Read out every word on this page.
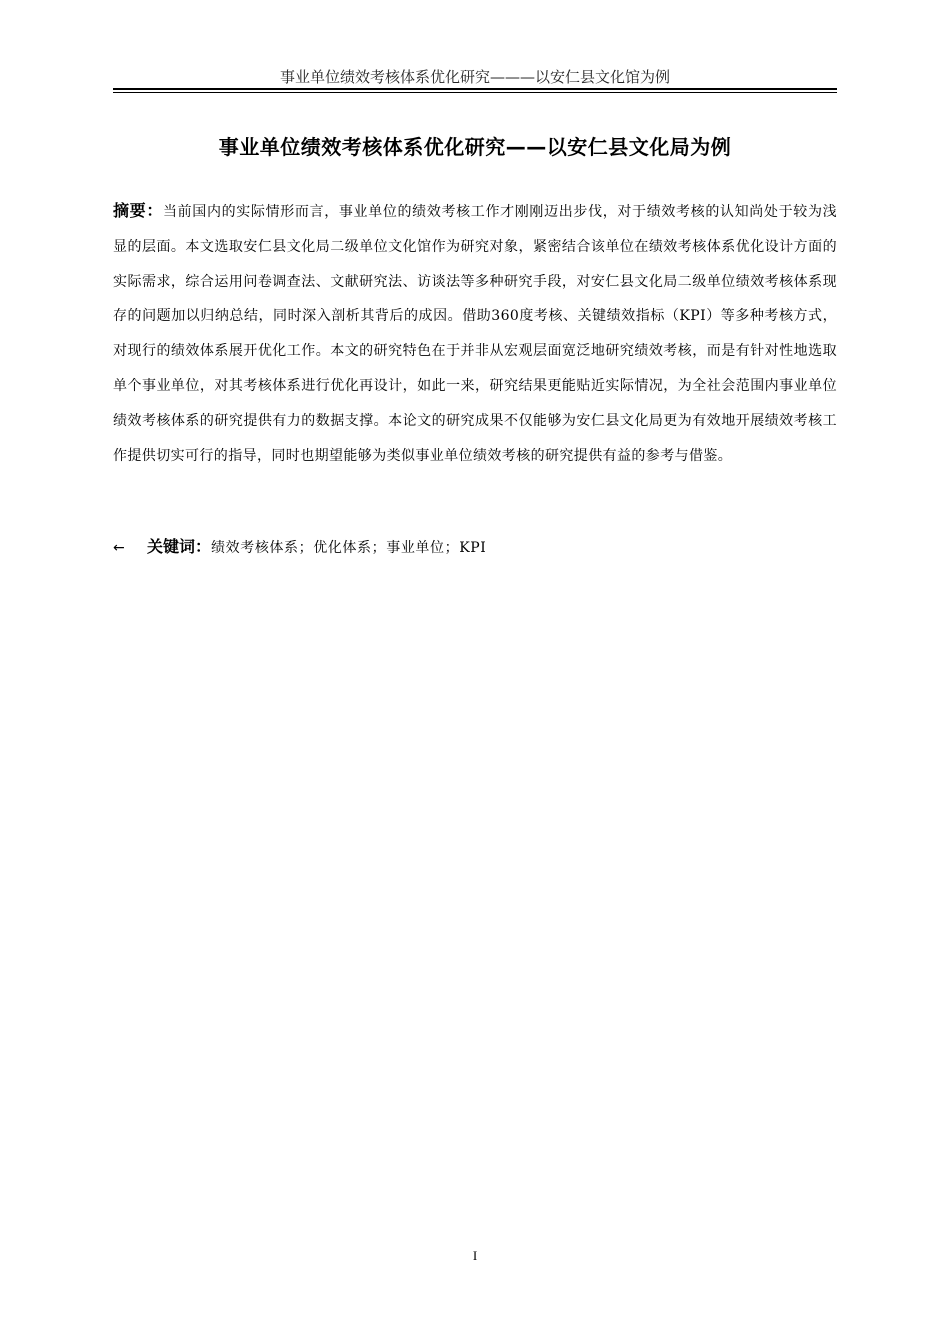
事业单位绩效考核体系优化研究———以安仁县文化馆为例
事业单位绩效考核体系优化研究——以安仁县文化局为例
摘要：当前国内的实际情形而言，事业单位的绩效考核工作才刚刚迈出步伐，对于绩效考核的认知尚处于较为浅显的层面。本文选取安仁县文化局二级单位文化馆作为研究对象，紧密结合该单位在绩效考核体系优化设计方面的实际需求，综合运用问卷调查法、文献研究法、访谈法等多种研究手段，对安仁县文化局二级单位绩效考核体系现存的问题加以归纳总结，同时深入剖析其背后的成因。借助360度考核、关键绩效指标（KPI）等多种考核方式，对现行的绩效体系展开优化工作。本文的研究特色在于并非从宏观层面宽泛地研究绩效考核，而是有针对性地选取单个事业单位，对其考核体系进行优化再设计，如此一来，研究结果更能贴近实际情况，为全社会范围内事业单位绩效考核体系的研究提供有力的数据支撑。本论文的研究成果不仅能够为安仁县文化局更为有效地开展绩效考核工作提供切实可行的指导，同时也期望能够为类似事业单位绩效考核的研究提供有益的参考与借鉴。
← 关键词：绩效考核体系；优化体系；事业单位；KPI
I
